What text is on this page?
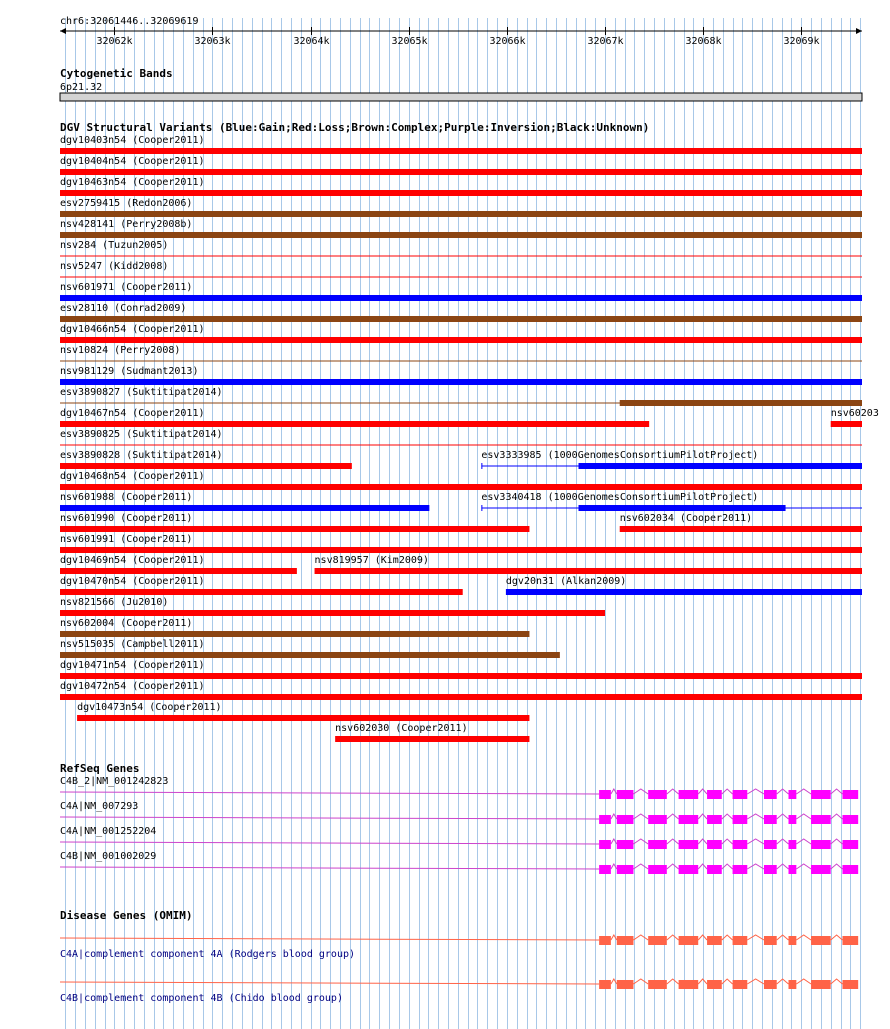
chr6:32061446..32069619
32062k	32063k	32064k	32065k	32066k	32067k	32068k	32069k
Cytogenetic Bands
6p21.32
DGV Structural Variants (Blue:Gain;Red:Loss;Brown:Complex;Purple:Inversion;Black:Unknown)
dgv10403n54 (Cooper2011)
dgv10404n54 (Cooper2011)
dgv10463n54 (Cooper2011)
esv2759415 (Redon2006)
nsv428141 (Perry2008b)
nsv284 (Tuzun2005)
nsv5247 (Kidd2008)
nsv601971 (Cooper2011)
esv28110 (Conrad2009)
dgv10466n54 (Cooper2011)
nsv10824 (Perry2008)
nsv981129 (Sudmant2013)
esv3890827 (Suktitipat2014)
dgv10467n54 (Cooper2011)	nsv60203
esv3890825 (Suktitipat2014)
esv3890828 (Suktitipat2014)	esv3333985 (1000GenomesConsortiumPilotProject)
dgv10468n54 (Cooper2011)
nsv601988 (Cooper2011)	esv3340418 (1000GenomesConsortiumPilotProject)
nsv601990 (Cooper2011)	nsv602034 (Cooper2011)
nsv601991 (Cooper2011)
dgv10469n54 (Cooper2011)	nsv819957 (Kim2009)
dgv10470n54 (Cooper2011)	dgv20n31 (Alkan2009)
nsv821566 (Ju2010)
nsv602004 (Cooper2011)
nsv515035 (Campbell2011)
dgv10471n54 (Cooper2011)
dgv10472n54 (Cooper2011)
dgv10473n54 (Cooper2011)
nsv602030 (Cooper2011)
RefSeq Genes
C4B_2|NM_001242823
C4A|NM_007293
C4A|NM_001252204
C4B|NM_001002029
Disease Genes (OMIM)
C4A|complement component 4A (Rodgers blood group)
C4B|complement component 4B (Chido blood group)
